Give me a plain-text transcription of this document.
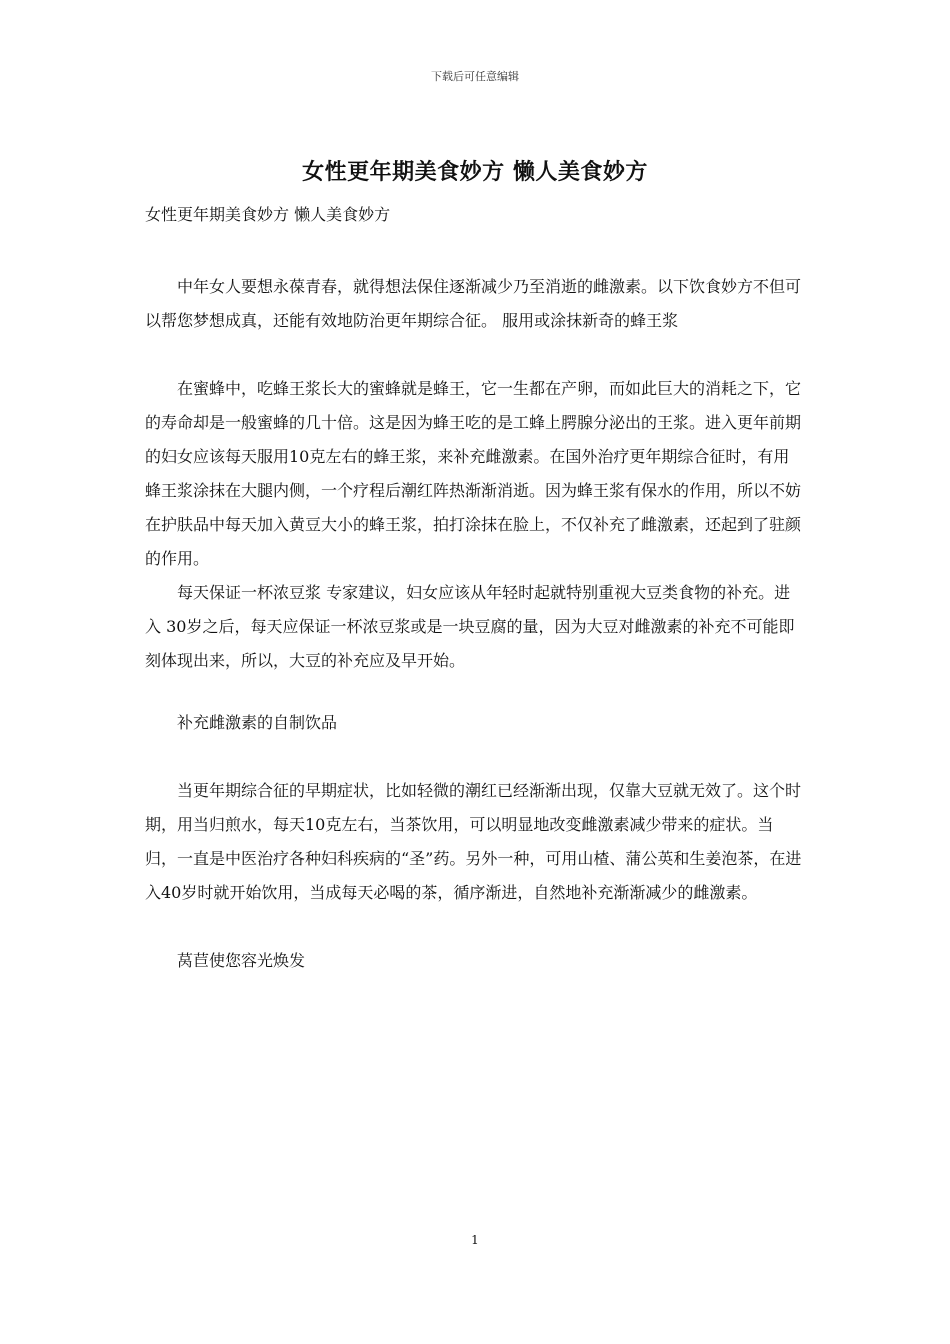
下载后可任意编辑
女性更年期美食妙方 懒人美食妙方
女性更年期美食妙方 懒人美食妙方

中年女人要想永葆青春，就得想法保住逐渐减少乃至消逝的雌激素。以下饮食妙方不但可以帮您梦想成真，还能有效地防治更年期综合征。 服用或涂抹新奇的蜂王浆

在蜜蜂中，吃蜂王浆长大的蜜蜂就是蜂王，它一生都在产卵，而如此巨大的消耗之下，它的寿命却是一般蜜蜂的几十倍。这是因为蜂王吃的是工蜂上腭腺分泌出的王浆。进入更年前期的妇女应该每天服用10克左右的蜂王浆，来补充雌激素。在国外治疗更年期综合征时，有用蜂王浆涂抹在大腿内侧，一个疗程后潮红阵热渐渐消逝。因为蜂王浆有保水的作用，所以不妨在护肤品中每天加入黄豆大小的蜂王浆，拍打涂抹在脸上，不仅补充了雌激素，还起到了驻颜的作用。

每天保证一杯浓豆浆 专家建议，妇女应该从年轻时起就特别重视大豆类食物的补充。进入 30岁之后，每天应保证一杯浓豆浆或是一块豆腐的量，因为大豆对雌激素的补充不可能即刻体现出来，所以，大豆的补充应及早开始。

补充雌激素的自制饮品

当更年期综合征的早期症状，比如轻微的潮红已经渐渐出现，仅靠大豆就无效了。这个时期，用当归煎水，每天10克左右，当茶饮用，可以明显地改变雌激素减少带来的症状。当归，一直是中医治疗各种妇科疾病的“圣”药。另外一种，可用山楂、蒲公英和生姜泡茶，在进入40岁时就开始饮用，当成每天必喝的茶，循序渐进，自然地补充渐渐减少的雌激素。

莴苣使您容光焕发

1
